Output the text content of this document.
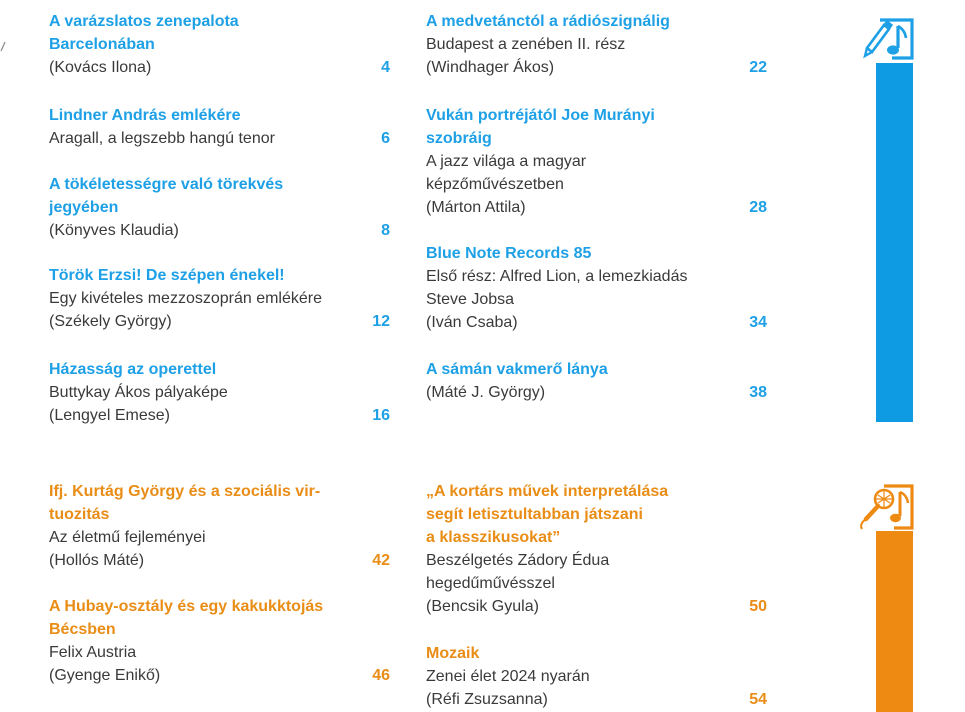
A varázslatos zenepalota
Barcelonában
(Kovács Ilona)	4
Lindner András emlékére
Aragall, a legszebb hangú tenor	6
A tökéletességre való törekvés
jegyében
(Könyves Klaudia)	8
Török Erzsi! De szépen énekel!
Egy kivételes mezzoszoprán emlékére
(Székely György)	12
Házasság az operettel
Buttykay Ákos pályaképe
(Lengyel Emese)	16
A medvetánctól a rádiószignálig
Budapest a zenében II. rész
(Windhager Ákos)	22
Vukán portréjától Joe Murányi
szobráig
A jazz világa a magyar
képzőművészetben
(Márton Attila)	28
Blue Note Records 85
Első rész: Alfred Lion, a lemezkiadás
Steve Jobsa
(Iván Csaba)	34
A sámán vakmerő lánya
(Máté J. György)	38
Ifj. Kurtág György és a szociális vir-
tuozitás
Az életmű fejleményei
(Hollós Máté)	42
A Hubay-osztály és egy kakukktojás
Bécsben
Felix Austria
(Gyenge Enikő)	46
„A kortárs művek interpretálása
segít letisztultabban játszani
a klasszikusokat”
Beszélgetés Zádory Édua
hegedűművésszel
(Bencsik Gyula)	50
Mozaik
Zenei élet 2024 nyarán
(Réfi Zsuzsanna)	54
